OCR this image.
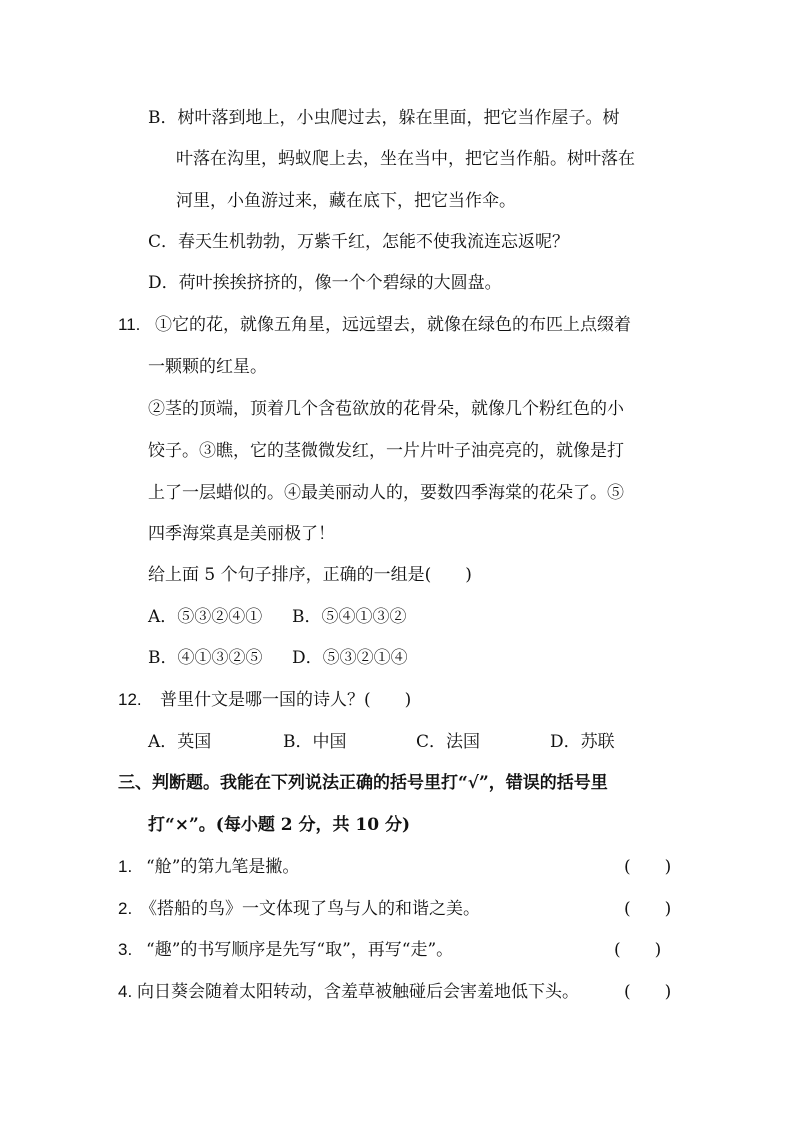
B．树叶落到地上，小虫爬过去，躲在里面，把它当作屋子。树
叶落在沟里，蚂蚁爬上去，坐在当中，把它当作船。树叶落在
河里，小鱼游过来，藏在底下，把它当作伞。
C．春天生机勃勃，万紫千红，怎能不使我流连忘返呢？
D．荷叶挨挨挤挤的，像一个个碧绿的大圆盘。
11. ①它的花，就像五角星，远远望去，就像在绿色的布匹上点缀着
一颗颗的红星。
②茎的顶端，顶着几个含苞欲放的花骨朵，就像几个粉红色的小
饺子。③瞧，它的茎微微发红，一片片叶子油亮亮的，就像是打
上了一层蜡似的。④最美丽动人的，要数四季海棠的花朵了。⑤
四季海棠真是美丽极了！
给上面 5 个句子排序，正确的一组是(　　)
A．⑤③②④① B．⑤④①③②
B．④①③②⑤ D．⑤③②①④
12. 普里什文是哪一国的诗人？(　　)
A．英国	B．中国	C．法国	D．苏联
三、判断题。我能在下列说法正确的括号里打“√”，错误的括号里
打“×”。(每小题 2 分，共 10 分)
1. “舱”的第九笔是撇。	(　　)
2. 《搭船的鸟》一文体现了鸟与人的和谐之美。	(　　)
3. “趣”的书写顺序是先写“取”，再写“走”。	(　　)
4. 向日葵会随着太阳转动，含羞草被触碰后会害羞地低下头。	(　　)
